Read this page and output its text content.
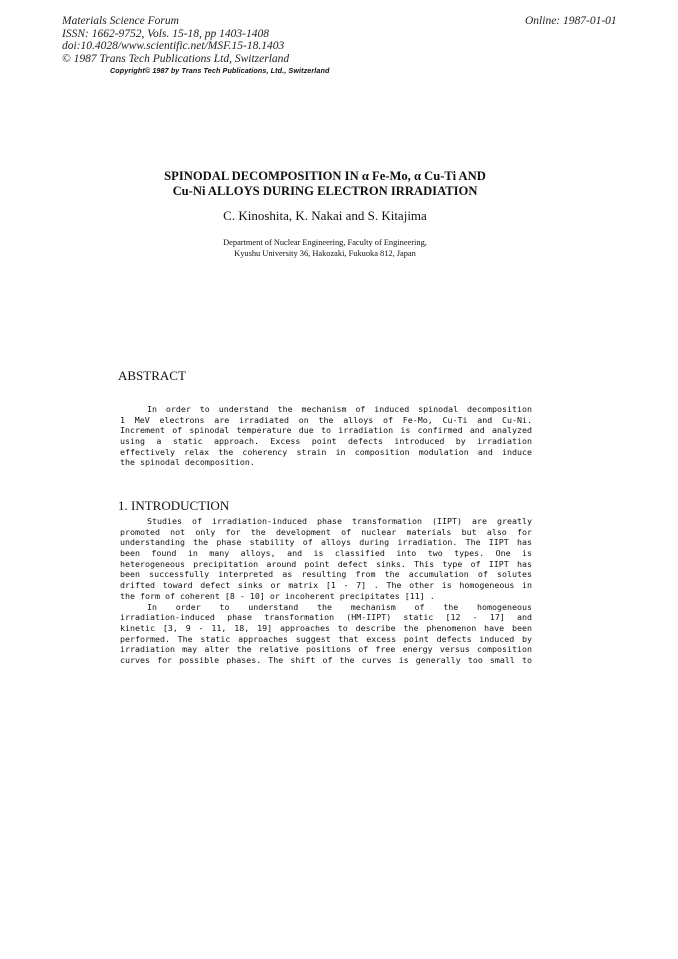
Materials Science Forum
ISSN: 1662-9752, Vols. 15-18, pp 1403-1408
doi:10.4028/www.scientific.net/MSF.15-18.1403
© 1987 Trans Tech Publications Ltd, Switzerland
Online: 1987-01-01
Copyright© 1987 by Trans Tech Publications, Ltd., Switzerland
SPINODAL DECOMPOSITION IN α Fe-Mo, α Cu-Ti AND
Cu-Ni ALLOYS DURING ELECTRON IRRADIATION
C. Kinoshita, K. Nakai and S. Kitajima
Department of Nuclear Engineering, Faculty of Engineering,
Kyushu University 36, Hakozaki, Fukuoka 812, Japan
ABSTRACT
In order to understand the mechanism of induced spinodal decomposition
1 MeV electrons are irradiated on the alloys of Fe-Mo, Cu-Ti and Cu-Ni.
Increment of spinodal temperature due to irradiation is confirmed and analyzed
using a static approach. Excess point defects introduced by irradiation
effectively relax the coherency strain in composition modulation and induce
the spinodal decomposition.
1. INTRODUCTION
Studies of irradiation-induced phase transformation (IIPT) are greatly
promoted not only for the development of nuclear materials but also for
understanding the phase stability of alloys during irradiation. The IIPT has
been found in many alloys, and is classified into two types. One is
heterogeneous precipitation around point defect sinks. This type of IIPT has
been successfully interpreted as resulting from the accumulation of solutes
drifted toward defect sinks or matrix [1 - 7] . The other is homogeneous in
the form of coherent [8 - 10] or incoherent precipitates [11] .
In order to understand the mechanism of the homogeneous
irradiation-induced phase transformation (HM-IIPT) static [12 - 17] and
kinetic [3, 9 - 11, 18, 19] approaches to describe the phenomenon have been
performed. The static approaches suggest that excess point defects induced by
irradiation may alter the relative positions of free energy versus composition
curves for possible phases. The shift of the curves is generally too small to
